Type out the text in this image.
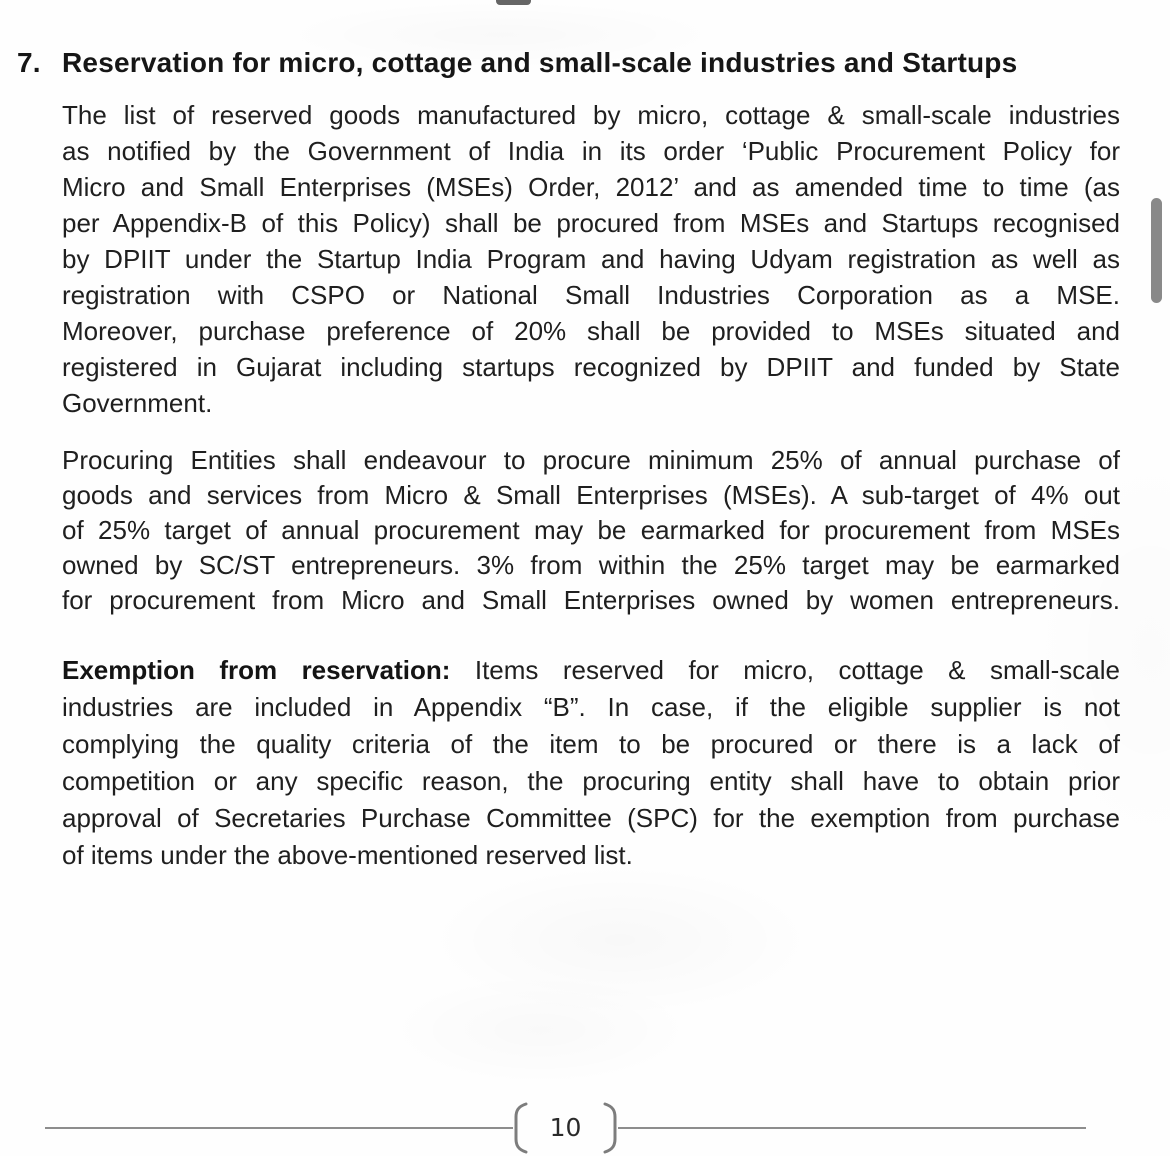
7. Reservation for micro, cottage and small-scale industries and Startups
The list of reserved goods manufactured by micro, cottage & small-scale industries
as notified by the Government of India in its order ‘Public Procurement Policy for
Micro and Small Enterprises (MSEs) Order, 2012’ and as amended time to time (as
per Appendix-B of this Policy) shall be procured from MSEs and Startups recognised
by DPIIT under the Startup India Program and having Udyam registration as well as
registration with CSPO or National Small Industries Corporation as a MSE.
Moreover, purchase preference of 20% shall be provided to MSEs situated and
registered in Gujarat including startups recognized by DPIIT and funded by State
Government.
Procuring Entities shall endeavour to procure minimum 25% of annual purchase of
goods and services from Micro & Small Enterprises (MSEs). A sub-target of 4% out
of 25% target of annual procurement may be earmarked for procurement from MSEs
owned by SC/ST entrepreneurs. 3% from within the 25% target may be earmarked
for procurement from Micro and Small Enterprises owned by women entrepreneurs.
Exemption from reservation: Items reserved for micro, cottage & small-scale
industries are included in Appendix “B”. In case, if the eligible supplier is not
complying the quality criteria of the item to be procured or there is a lack of
competition or any specific reason, the procuring entity shall have to obtain prior
approval of Secretaries Purchase Committee (SPC) for the exemption from purchase
of items under the above-mentioned reserved list.
10
